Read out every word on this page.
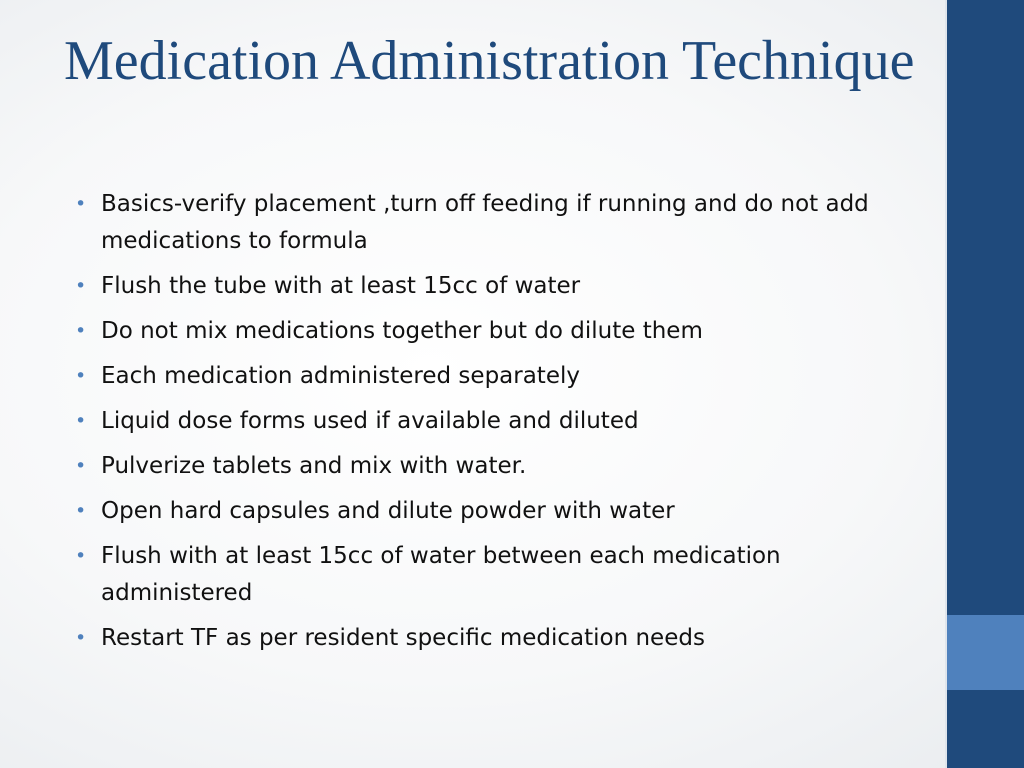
Medication Administration Technique
• Basics-verify placement ,turn off feeding if running and do not add medications to formula
• Flush the tube with at least 15cc of water
• Do not mix medications together but do dilute them
• Each medication administered separately
• Liquid dose forms used if available and diluted
• Pulverize tablets and mix with water.
• Open hard capsules and dilute powder with water
• Flush with at least 15cc of water between each medication administered
• Restart TF as per resident specific medication needs
